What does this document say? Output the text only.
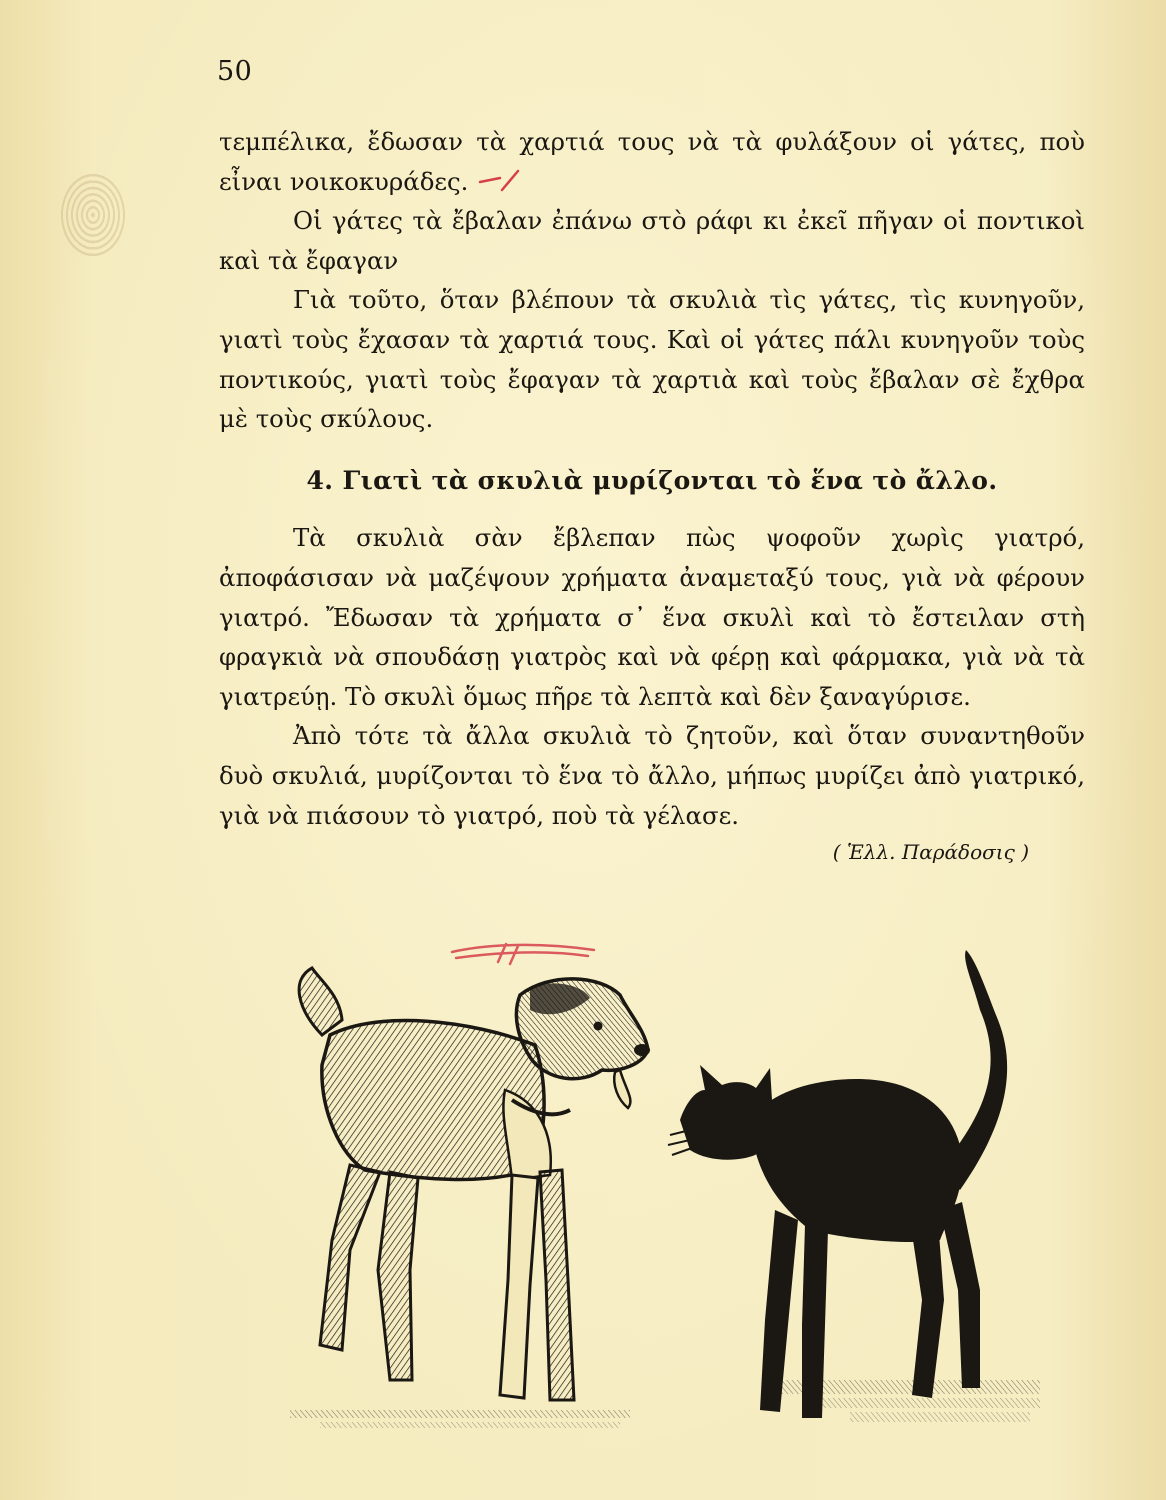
50

τεμπέλικα, ἔδωσαν τὰ χαρτιά τους νὰ τὰ φυλάξουν οἱ γάτες, ποὺ εἶναι νοικοκυράδες.

Οἱ γάτες τὰ ἔβαλαν ἐπάνω στὸ ράφι κι ἐκεῖ πῆγαν οἱ ποντικοὶ καὶ τὰ ἔφαγαν

Γιὰ τοῦτο, ὅταν βλέπουν τὰ σκυλιὰ τὶς γάτες, τὶς κυνηγοῦν, γιατὶ τοὺς ἔχασαν τὰ χαρτιά τους. Καὶ οἱ γάτες πάλι κυνηγοῦν τοὺς ποντικούς, γιατὶ τοὺς ἔφαγαν τὰ χαρτιὰ καὶ τοὺς ἔβαλαν σὲ ἔχθρα μὲ τοὺς σκύλους.

4. Γιατὶ τὰ σκυλιὰ μυρίζονται τὸ ἕνα τὸ ἄλλο.

Τὰ σκυλιὰ σὰν ἔβλεπαν πὼς ψοφοῦν χωρὶς γιατρό, ἀποφάσισαν νὰ μαζέψουν χρήματα ἀναμεταξύ τους, γιὰ νὰ φέρουν γιατρό. Ἔδωσαν τὰ χρήματα σ᾽ ἕνα σκυλὶ καὶ τὸ ἔστειλαν στὴ φραγκιὰ νὰ σπουδάσῃ γιατρὸς καὶ νὰ φέρῃ καὶ φάρμακα, γιὰ νὰ τὰ γιατρεύῃ. Τὸ σκυλὶ ὅμως πῆρε τὰ λεπτὰ καὶ δὲν ξαναγύρισε.

Ἀπὸ τότε τὰ ἄλλα σκυλιὰ τὸ ζητοῦν, καὶ ὅταν συναντηθοῦν δυὸ σκυλιά, μυρίζονται τὸ ἕνα τὸ ἄλλο, μήπως μυρίζει ἀπὸ γιατρικό, γιὰ νὰ πιάσουν τὸ γιατρό, ποὺ τὰ γέλασε.

( Ἑλλ. Παράδοσις )
